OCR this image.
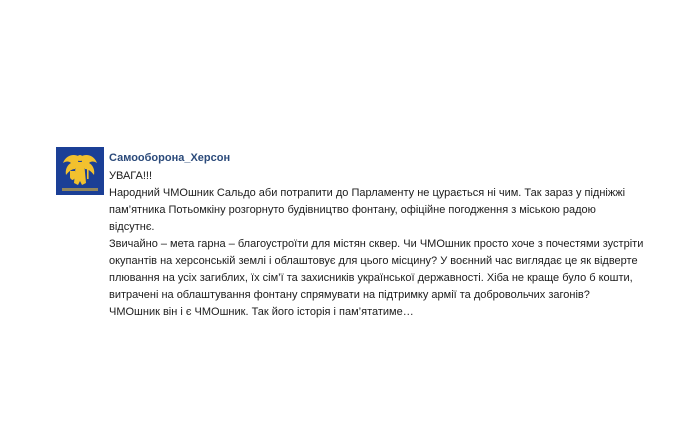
Самооборона_Херсон
УВАГА!!!
Народний ЧМОшник Сальдо аби потрапити до Парламенту не цурається ні чим. Так зараз у підніжжі
пам’ятника Потьомкіну розгорнуто будівництво фонтану, офіційне погодження з міською радою
відсутнє.
Звичайно – мета гарна – благоустроїти для містян сквер. Чи ЧМОшник просто хоче з почестями зустріти
окупантів на херсонській землі і облаштовує для цього місцину? У воєнний час виглядає це як відверте
плювання на усіх загиблих, їх сім’ї та захисників української державності. Хіба не краще було б кошти,
витрачені на облаштування фонтану спрямувати на підтримку армії та добровольчих загонів?
ЧМОшник він і є ЧМОшник. Так його історія і пам’ятатиме…
